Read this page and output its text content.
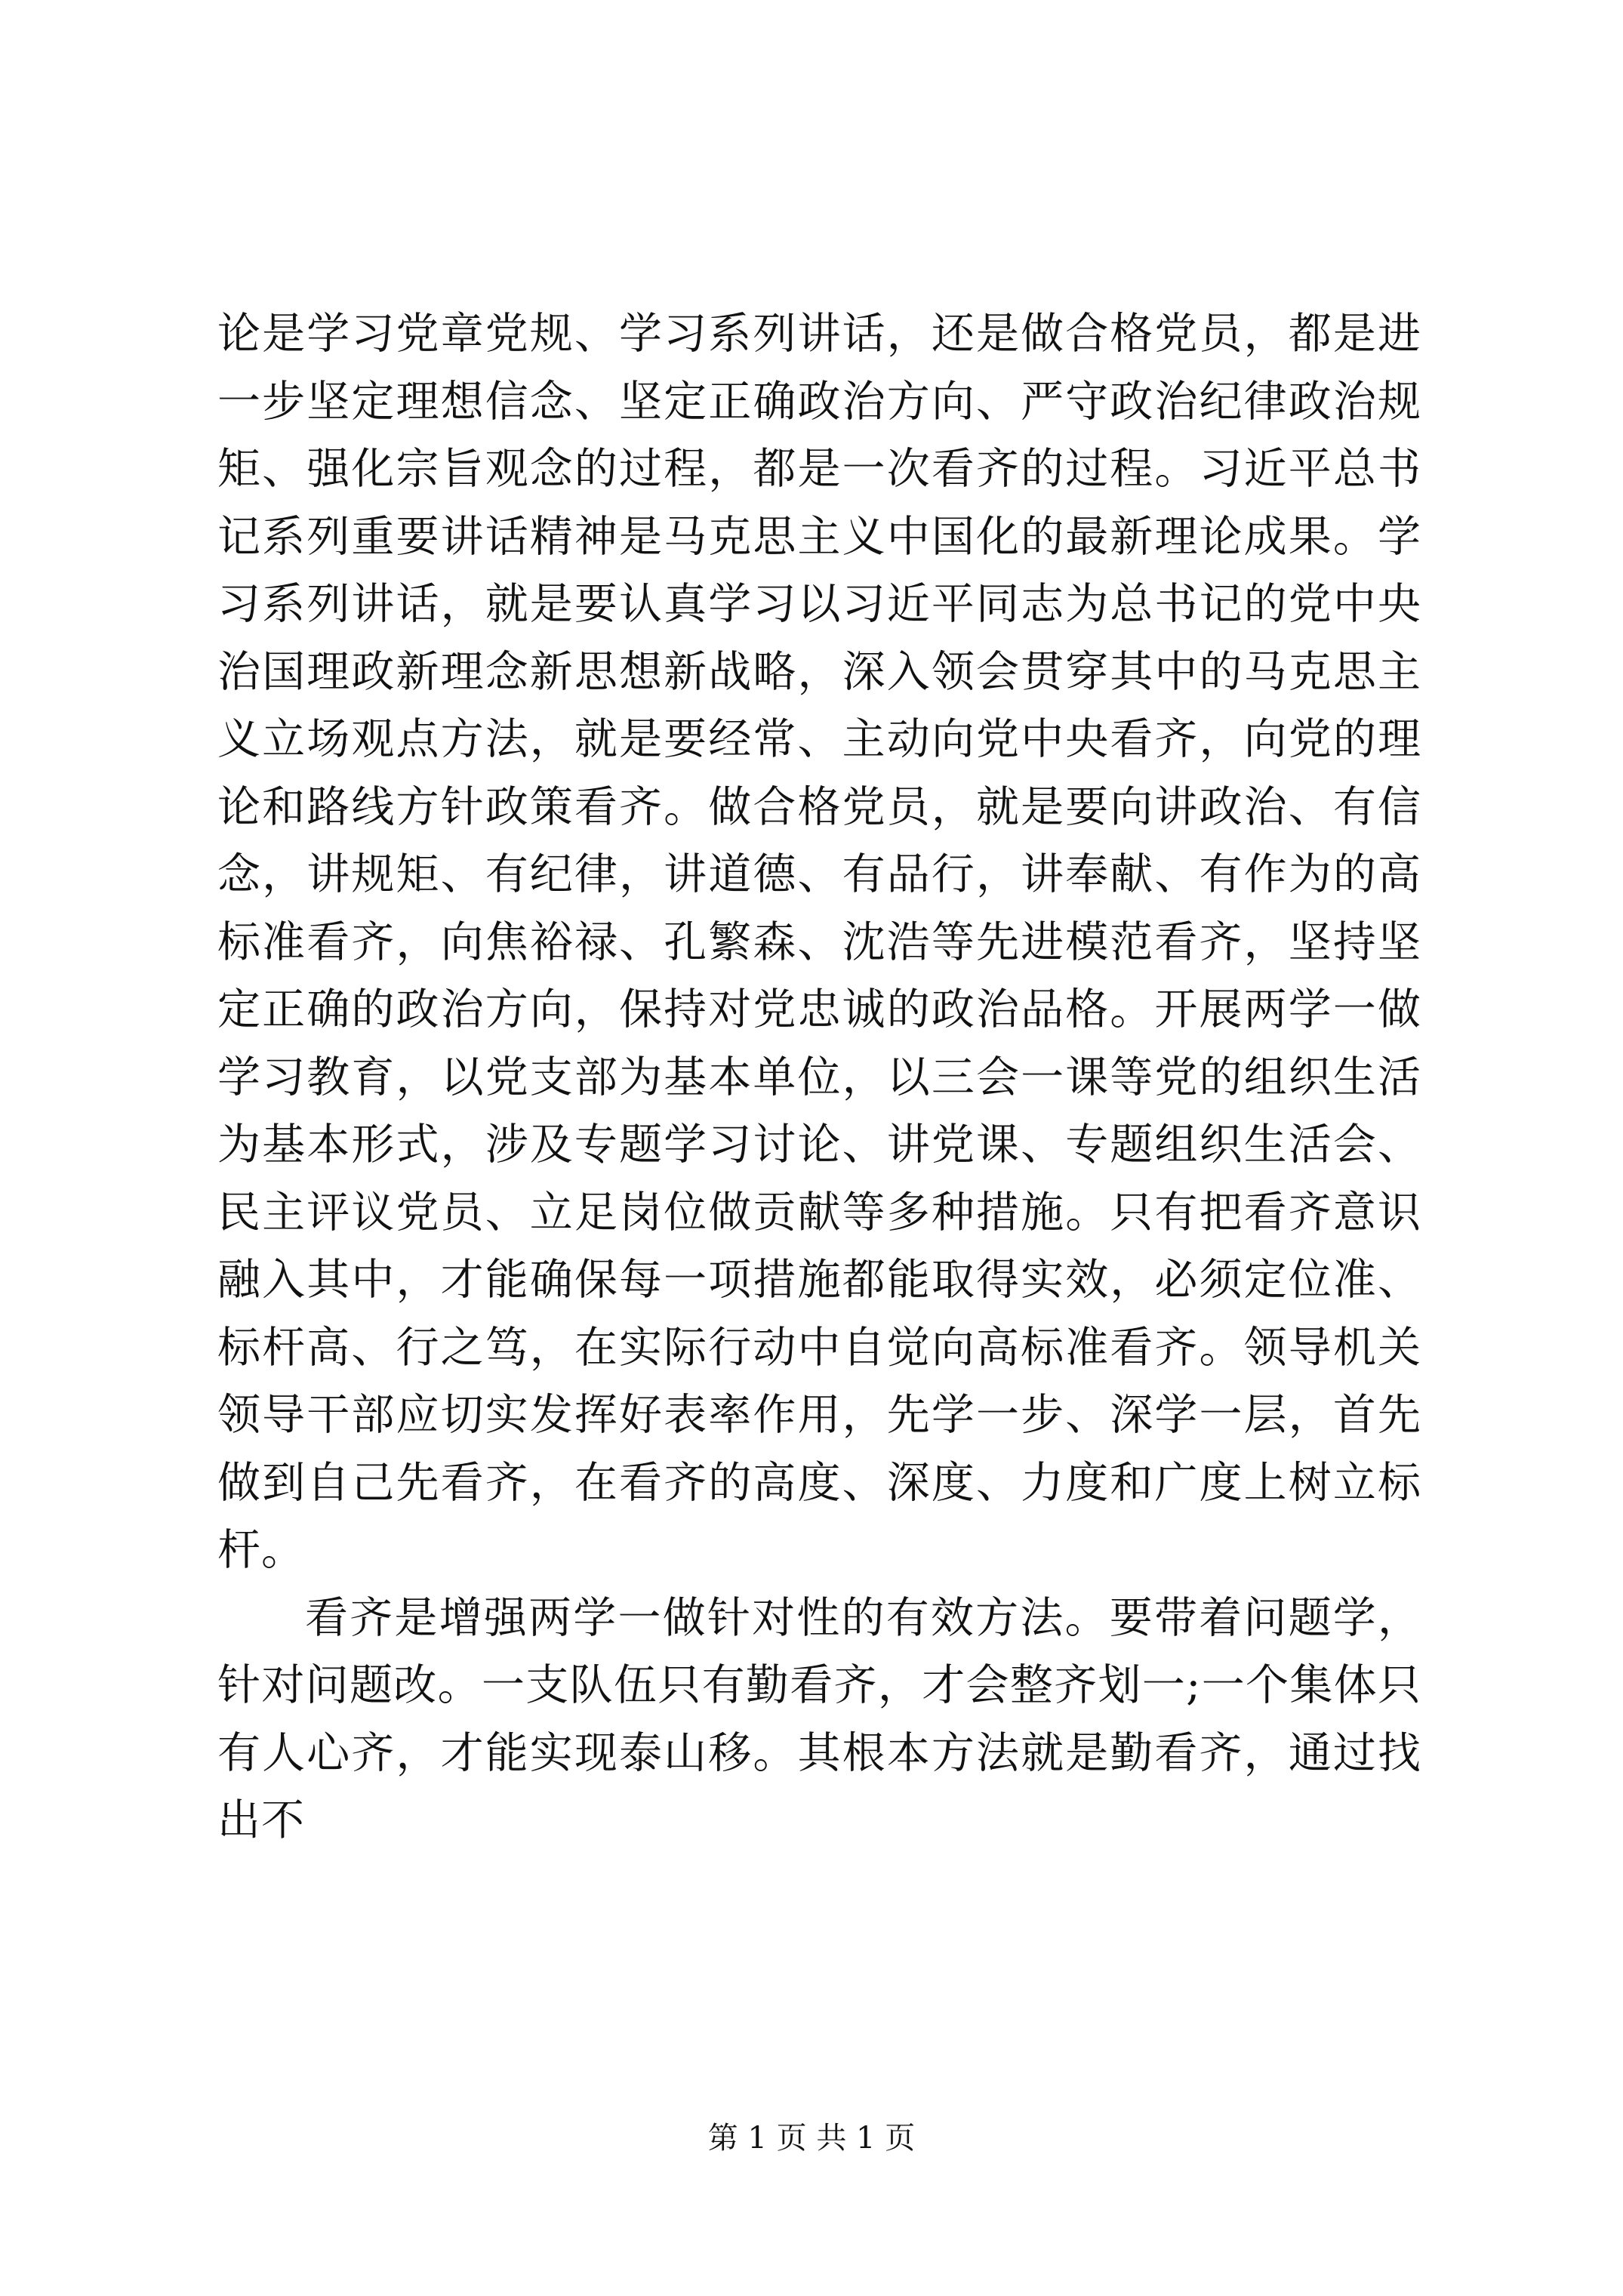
论是学习党章党规、学习系列讲话，还是做合格党员，都是进一步坚定理想信念、坚定正确政治方向、严守政治纪律政治规矩、强化宗旨观念的过程，都是一次看齐的过程。习近平总书记系列重要讲话精神是马克思主义中国化的最新理论成果。学习系列讲话，就是要认真学习以习近平同志为总书记的党中央治国理政新理念新思想新战略，深入领会贯穿其中的马克思主义立场观点方法，就是要经常、主动向党中央看齐，向党的理论和路线方针政策看齐。做合格党员，就是要向讲政治、有信念，讲规矩、有纪律，讲道德、有品行，讲奉献、有作为的高标准看齐，向焦裕禄、孔繁森、沈浩等先进模范看齐，坚持坚定正确的政治方向，保持对党忠诚的政治品格。开展两学一做学习教育，以党支部为基本单位，以三会一课等党的组织生活为基本形式，涉及专题学习讨论、讲党课、专题组织生活会、民主评议党员、立足岗位做贡献等多种措施。只有把看齐意识融入其中，才能确保每一项措施都能取得实效，必须定位准、标杆高、行之笃，在实际行动中自觉向高标准看齐。领导机关领导干部应切实发挥好表率作用，先学一步、深学一层，首先做到自己先看齐，在看齐的高度、深度、力度和广度上树立标杆。

看齐是增强两学一做针对性的有效方法。要带着问题学，针对问题改。一支队伍只有勤看齐，才会整齐划一;一个集体只有人心齐，才能实现泰山移。其根本方法就是勤看齐，通过找出不

第 1 页 共 1 页
